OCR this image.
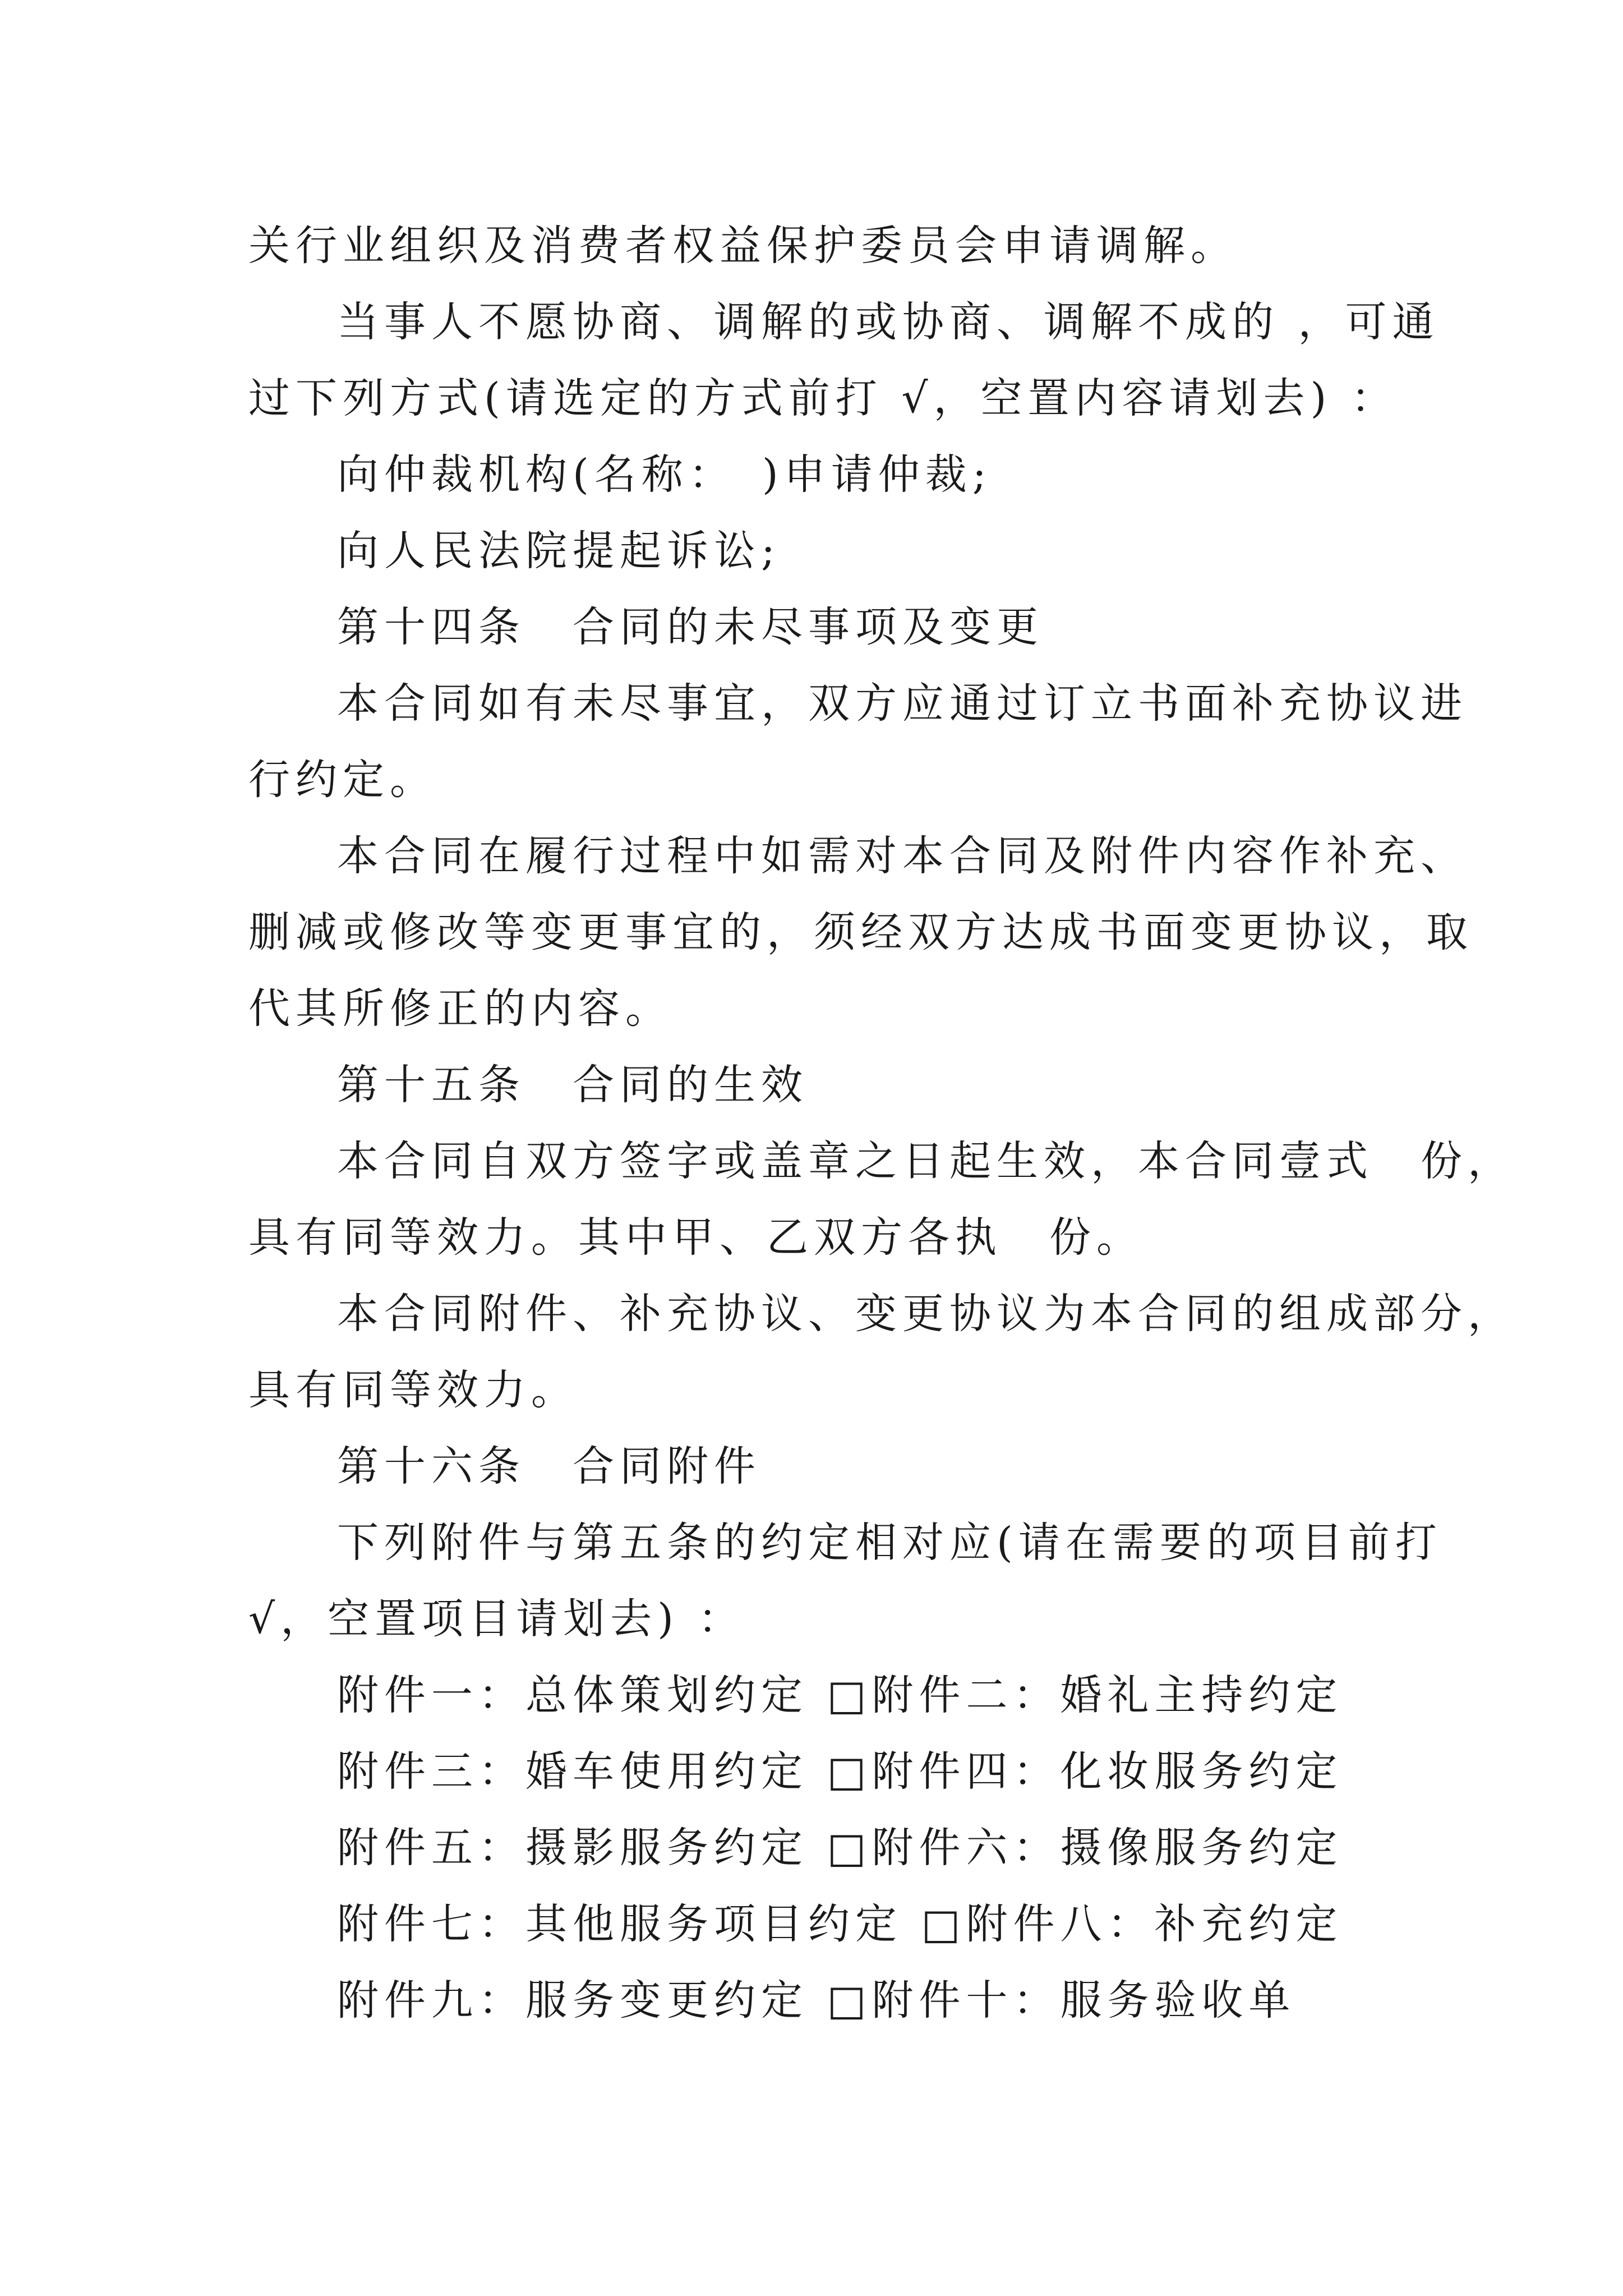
关行业组织及消费者权益保护委员会申请调解。
当事人不愿协商、调解的或协商、调解不成的 ，可通
过下列方式(请选定的方式前打 √，空置内容请划去) ：
向仲裁机构(名称：　)申请仲裁;
向人民法院提起诉讼;
第十四条　合同的未尽事项及变更
本合同如有未尽事宜，双方应通过订立书面补充协议进
行约定。
本合同在履行过程中如需对本合同及附件内容作补充、
删减或修改等变更事宜的，须经双方达成书面变更协议，取
代其所修正的内容。
第十五条　合同的生效
本合同自双方签字或盖章之日起生效，本合同壹式　份，
具有同等效力。其中甲、乙双方各执　份。
本合同附件、补充协议、变更协议为本合同的组成部分，
具有同等效力。
第十六条　合同附件
下列附件与第五条的约定相对应(请在需要的项目前打
√，空置项目请划去) ：
附件一：总体策划约定 □附件二：婚礼主持约定
附件三：婚车使用约定 □附件四：化妆服务约定
附件五：摄影服务约定 □附件六：摄像服务约定
附件七：其他服务项目约定 □附件八：补充约定
附件九：服务变更约定 □附件十：服务验收单
